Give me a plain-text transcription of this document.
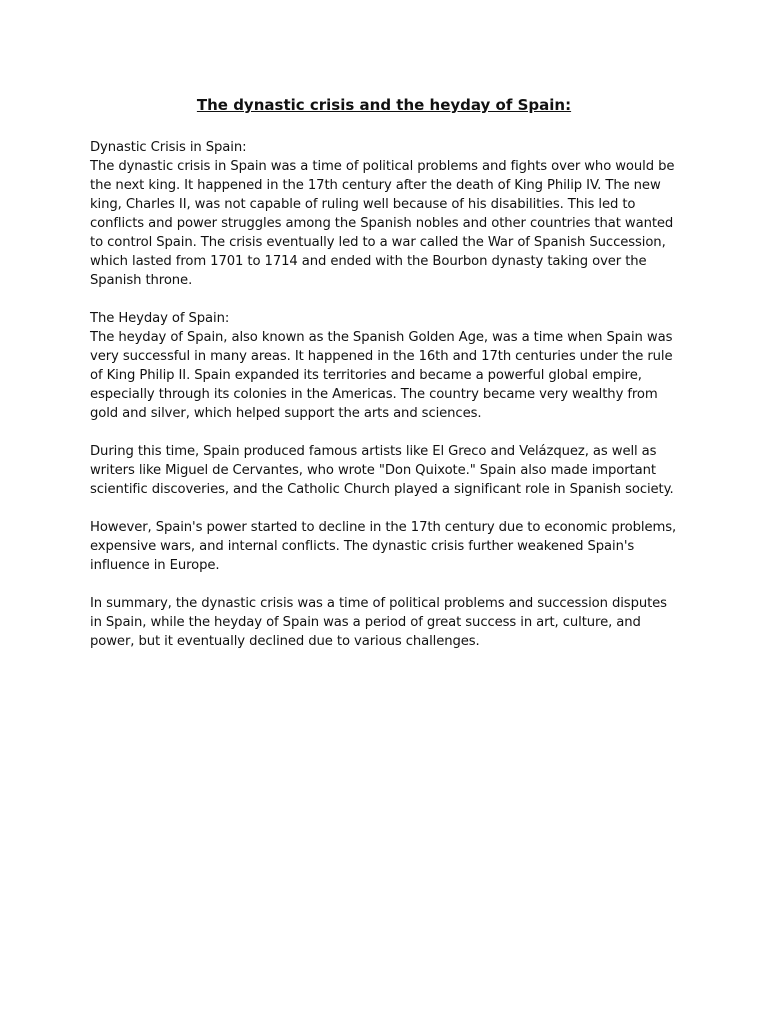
The dynastic crisis and the heyday of Spain:

Dynastic Crisis in Spain:
The dynastic crisis in Spain was a time of political problems and fights over who would be the next king. It happened in the 17th century after the death of King Philip IV. The new king, Charles II, was not capable of ruling well because of his disabilities. This led to conflicts and power struggles among the Spanish nobles and other countries that wanted to control Spain. The crisis eventually led to a war called the War of Spanish Succession, which lasted from 1701 to 1714 and ended with the Bourbon dynasty taking over the Spanish throne.

The Heyday of Spain:
The heyday of Spain, also known as the Spanish Golden Age, was a time when Spain was very successful in many areas. It happened in the 16th and 17th centuries under the rule of King Philip II. Spain expanded its territories and became a powerful global empire, especially through its colonies in the Americas. The country became very wealthy from gold and silver, which helped support the arts and sciences.

During this time, Spain produced famous artists like El Greco and Velázquez, as well as writers like Miguel de Cervantes, who wrote "Don Quixote." Spain also made important scientific discoveries, and the Catholic Church played a significant role in Spanish society.

However, Spain's power started to decline in the 17th century due to economic problems, expensive wars, and internal conflicts. The dynastic crisis further weakened Spain's influence in Europe.

In summary, the dynastic crisis was a time of political problems and succession disputes in Spain, while the heyday of Spain was a period of great success in art, culture, and power, but it eventually declined due to various challenges.
